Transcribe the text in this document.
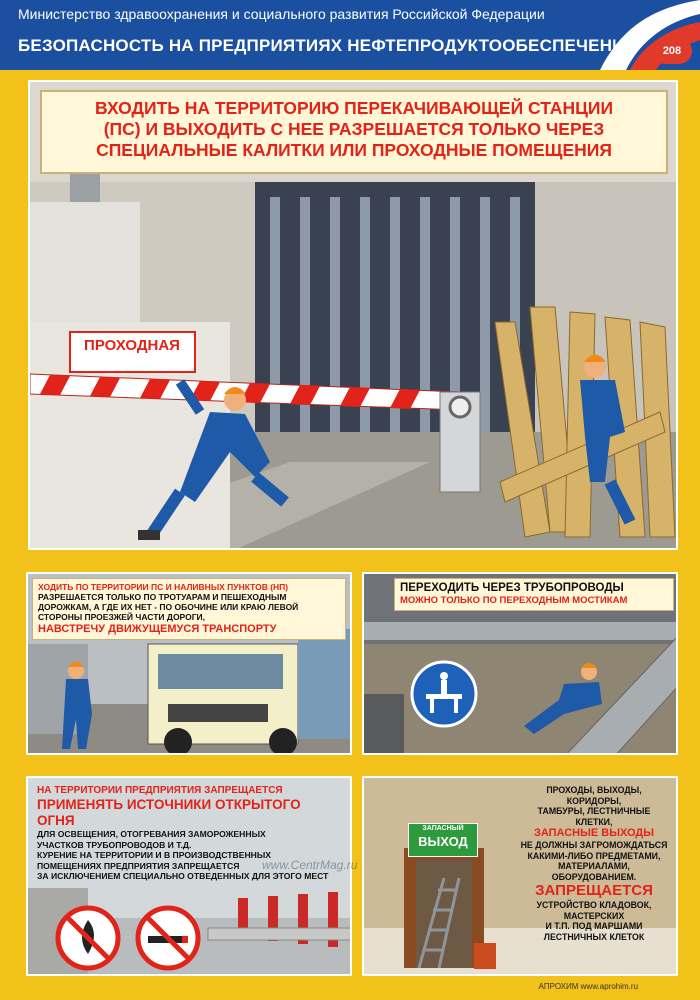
Министерство здравоохранения и социального развития Российской Федерации
БЕЗОПАСНОСТЬ НА ПРЕДПРИЯТИЯХ НЕФТЕПРОДУКТООБЕСПЕЧЕНИЯ	208
ВХОДИТЬ НА ТЕРРИТОРИЮ ПЕРЕКАЧИВАЮЩЕЙ СТАНЦИИ
(ПС) И ВЫХОДИТЬ С НЕЕ РАЗРЕШАЕТСЯ ТОЛЬКО ЧЕРЕЗ
СПЕЦИАЛЬНЫЕ КАЛИТКИ ИЛИ ПРОХОДНЫЕ ПОМЕЩЕНИЯ
ПРОХОДНАЯ
ХОДИТЬ ПО ТЕРРИТОРИИ ПС И НАЛИВНЫХ ПУНКТОВ (НП)
РАЗРЕШАЕТСЯ ТОЛЬКО ПО ТРОТУАРАМ И ПЕШЕХОДНЫМ
ДОРОЖКАМ, А ГДЕ ИХ НЕТ - ПО ОБОЧИНЕ ИЛИ КРАЮ ЛЕВОЙ
СТОРОНЫ ПРОЕЗЖЕЙ ЧАСТИ ДОРОГИ,
НАВСТРЕЧУ ДВИЖУЩЕМУСЯ ТРАНСПОРТУ
ПЕРЕХОДИТЬ ЧЕРЕЗ ТРУБОПРОВОДЫ
МОЖНО ТОЛЬКО ПО ПЕРЕХОДНЫМ МОСТИКАМ
НА ТЕРРИТОРИИ ПРЕДПРИЯТИЯ ЗАПРЕЩАЕТСЯ
ПРИМЕНЯТЬ ИСТОЧНИКИ ОТКРЫТОГО ОГНЯ
ДЛЯ ОСВЕЩЕНИЯ, ОТОГРЕВАНИЯ ЗАМОРОЖЕННЫХ
УЧАСТКОВ ТРУБОПРОВОДОВ И Т.Д.
КУРЕНИЕ НА ТЕРРИТОРИИ И В ПРОИЗВОДСТВЕННЫХ
ПОМЕЩЕНИЯХ ПРЕДПРИЯТИЯ ЗАПРЕЩАЕТСЯ
ЗА ИСКЛЮЧЕНИЕМ СПЕЦИАЛЬНО ОТВЕДЕННЫХ ДЛЯ ЭТОГО МЕСТ
ЗАПАСНЫЙ
ВЫХОД
ПРОХОДЫ, ВЫХОДЫ, КОРИДОРЫ,
ТАМБУРЫ, ЛЕСТНИЧНЫЕ КЛЕТКИ,
ЗАПАСНЫЕ ВЫХОДЫ
НЕ ДОЛЖНЫ ЗАГРОМОЖДАТЬСЯ
КАКИМИ-ЛИБО ПРЕДМЕТАМИ,
МАТЕРИАЛАМИ, ОБОРУДОВАНИЕМ.
ЗАПРЕЩАЕТСЯ
УСТРОЙСТВО КЛАДОВОК, МАСТЕРСКИХ
И Т.П. ПОД МАРШАМИ ЛЕСТНИЧНЫХ КЛЕТОК
www.CentrMag.ru
АПРОХИМ www.aprohim.ru
